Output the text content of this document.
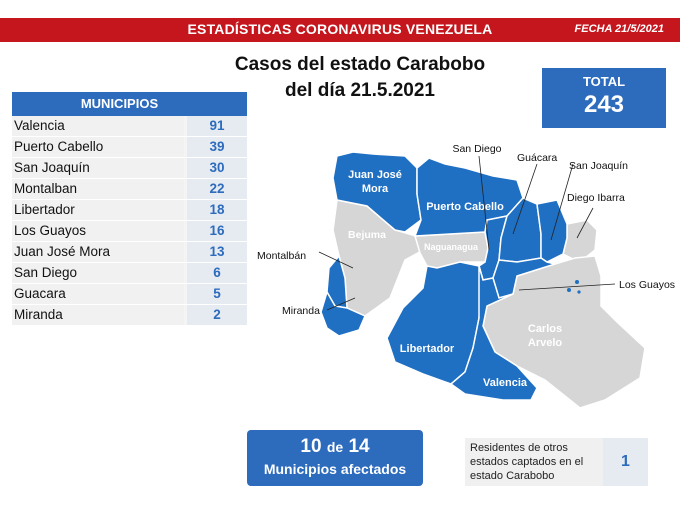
ESTADÍSTICAS CORONAVIRUS VENEZUELA	FECHA 21/5/2021
Casos del estado Carabobo
del día 21.5.2021	TOTAL
243
MUNICIPIOS
Valencia	91
Puerto Cabello	39
San Joaquín	30
Montalban	22
Libertador	18
Los Guayos	16
Juan José Mora	13
San Diego	6
Guacara	5
Miranda	2
Juan José
Mora
Puerto Cabello
Bejuma
Naguanagua
Carlos
Arvelo
Libertador
Valencia
San Diego
Guácara
San Joaquín
Diego Ibarra
Montalbán
Los Guayos
Miranda
10 de 14
Municipios afectados
Residentes de otros estados captados en el estado Carabobo
1
